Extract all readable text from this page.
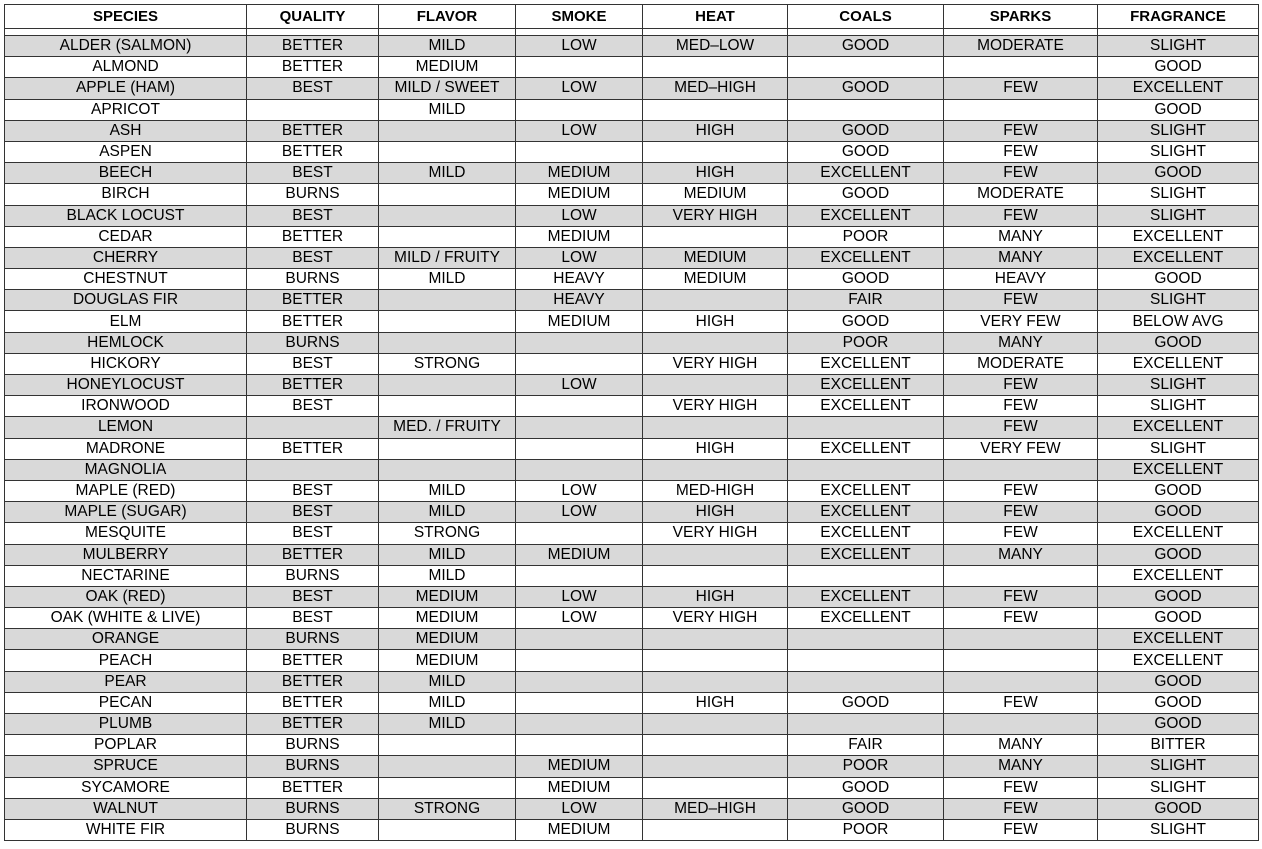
SPECIES	QUALITY	FLAVOR	SMOKE	HEAT	COALS	SPARKS	FRAGRANCE

ALDER (SALMON)	BETTER	MILD	LOW	MED–LOW	GOOD	MODERATE	SLIGHT
ALMOND	BETTER	MEDIUM					GOOD
APPLE (HAM)	BEST	MILD / SWEET	LOW	MED–HIGH	GOOD	FEW	EXCELLENT
APRICOT		MILD					GOOD
ASH	BETTER		LOW	HIGH	GOOD	FEW	SLIGHT
ASPEN	BETTER				GOOD	FEW	SLIGHT
BEECH	BEST	MILD	MEDIUM	HIGH	EXCELLENT	FEW	GOOD
BIRCH	BURNS		MEDIUM	MEDIUM	GOOD	MODERATE	SLIGHT
BLACK LOCUST	BEST		LOW	VERY HIGH	EXCELLENT	FEW	SLIGHT
CEDAR	BETTER		MEDIUM		POOR	MANY	EXCELLENT
CHERRY	BEST	MILD / FRUITY	LOW	MEDIUM	EXCELLENT	MANY	EXCELLENT
CHESTNUT	BURNS	MILD	HEAVY	MEDIUM	GOOD	HEAVY	GOOD
DOUGLAS FIR	BETTER		HEAVY		FAIR	FEW	SLIGHT
ELM	BETTER		MEDIUM	HIGH	GOOD	VERY FEW	BELOW AVG
HEMLOCK	BURNS				POOR	MANY	GOOD
HICKORY	BEST	STRONG		VERY HIGH	EXCELLENT	MODERATE	EXCELLENT
HONEYLOCUST	BETTER		LOW		EXCELLENT	FEW	SLIGHT
IRONWOOD	BEST			VERY HIGH	EXCELLENT	FEW	SLIGHT
LEMON		MED. / FRUITY				FEW	EXCELLENT
MADRONE	BETTER			HIGH	EXCELLENT	VERY FEW	SLIGHT
MAGNOLIA							EXCELLENT
MAPLE (RED)	BEST	MILD	LOW	MED-HIGH	EXCELLENT	FEW	GOOD
MAPLE (SUGAR)	BEST	MILD	LOW	HIGH	EXCELLENT	FEW	GOOD
MESQUITE	BEST	STRONG		VERY HIGH	EXCELLENT	FEW	EXCELLENT
MULBERRY	BETTER	MILD	MEDIUM		EXCELLENT	MANY	GOOD
NECTARINE	BURNS	MILD					EXCELLENT
OAK (RED)	BEST	MEDIUM	LOW	HIGH	EXCELLENT	FEW	GOOD
OAK (WHITE & LIVE)	BEST	MEDIUM	LOW	VERY HIGH	EXCELLENT	FEW	GOOD
ORANGE	BURNS	MEDIUM					EXCELLENT
PEACH	BETTER	MEDIUM					EXCELLENT
PEAR	BETTER	MILD					GOOD
PECAN	BETTER	MILD		HIGH	GOOD	FEW	GOOD
PLUMB	BETTER	MILD					GOOD
POPLAR	BURNS				FAIR	MANY	BITTER
SPRUCE	BURNS		MEDIUM		POOR	MANY	SLIGHT
SYCAMORE	BETTER		MEDIUM		GOOD	FEW	SLIGHT
WALNUT	BURNS	STRONG	LOW	MED–HIGH	GOOD	FEW	GOOD
WHITE FIR	BURNS		MEDIUM		POOR	FEW	SLIGHT
